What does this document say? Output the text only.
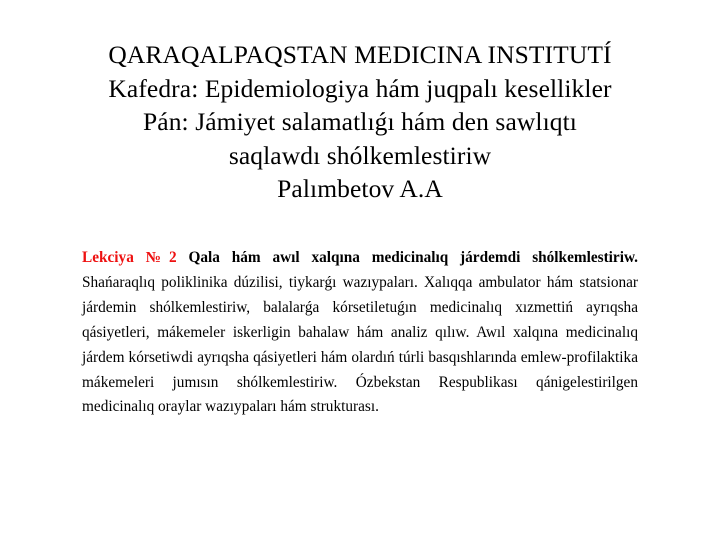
QARAQALPAQSTAN MEDICINA INSTITUTÍ
Kafedra: Epidemiologiya hám juqpalı kesellikler
Pán: Jámiyet salamatlıǵı hám den sawlıqtı
saqlawdı shólkemlestiriw
Palımbetov A.A

Lekciya №2 Qala hám awıl xalqına medicinalıq járdemdi shólkemlestiriw. Shańaraqlıq poliklinika dúzilisi, tiykarǵı wazıypaları. Xalıqqa ambulator hám statsionar járdemin shólkemlestiriw, balalarǵa kórsetiletuǵın medicinalıq xızmettiń ayrıqsha qásiyetleri, mákemeler iskerligin bahalaw hám analiz qılıw. Awıl xalqına medicinalıq járdem kórsetiwdi ayrıqsha qásiyetleri hám olardıń túrli basqıshlarında emlew-profilaktika mákemeleri jumısın shólkemlestiriw. Ózbekstan Respublikası qánigelestirilgen medicinalıq oraylar wazıypaları hám strukturası.
